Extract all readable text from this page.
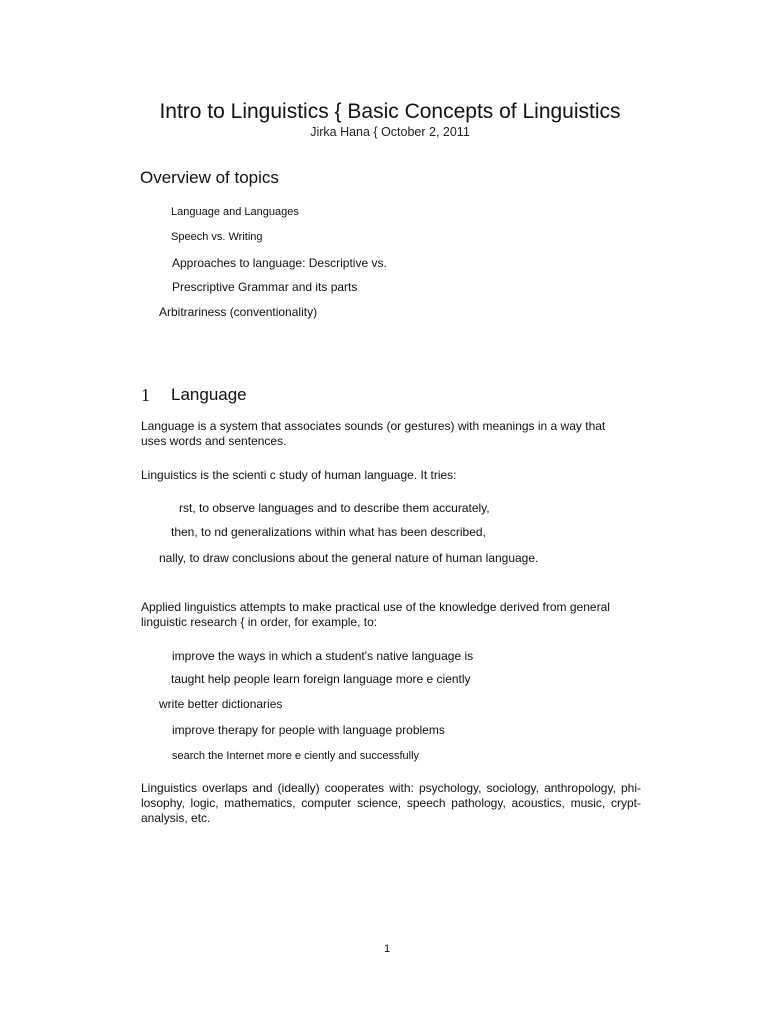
Intro to Linguistics { Basic Concepts of Linguistics
Jirka Hana { October 2, 2011
Overview of topics
Language and Languages
Speech vs. Writing
Approaches to language: Descriptive vs.
Prescriptive Grammar and its parts
Arbitrariness (conventionality)
1 Language
Language is a system that associates sounds (or gestures) with meanings in a way that uses words and sentences.
Linguistics is the scienti c study of human language. It tries:
rst, to observe languages and to describe them accurately,
then, to nd generalizations within what has been described,
nally, to draw conclusions about the general nature of human language.
Applied linguistics attempts to make practical use of the knowledge derived from general linguistic research { in order, for example, to:
improve the ways in which a student's native language is
taught help people learn foreign language more e ciently
write better dictionaries
improve therapy for people with language problems
search the Internet more e ciently and successfully
Linguistics overlaps and (ideally) cooperates with: psychology, sociology, anthropology, phi-losophy, logic, mathematics, computer science, speech pathology, acoustics, music, crypt-analysis, etc.
1
